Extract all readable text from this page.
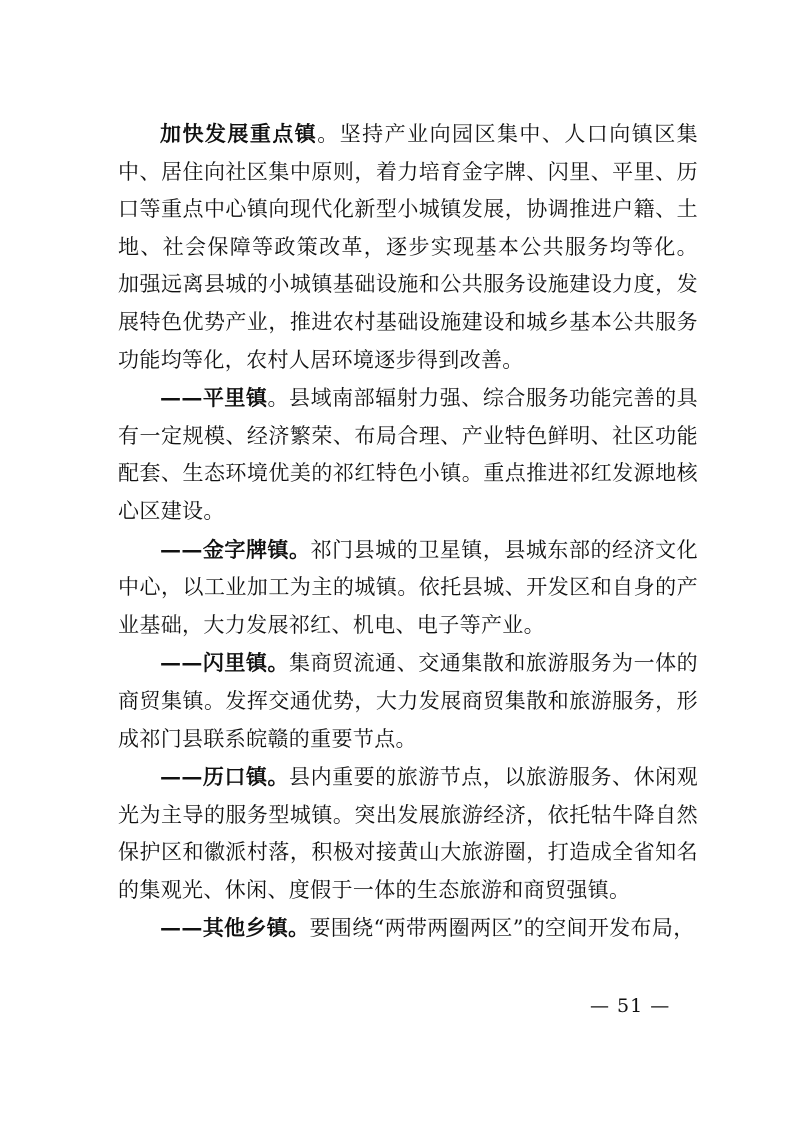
加快发展重点镇。坚持产业向园区集中、人口向镇区集中、居住向社区集中原则，着力培育金字牌、闪里、平里、历口等重点中心镇向现代化新型小城镇发展，协调推进户籍、土地、社会保障等政策改革，逐步实现基本公共服务均等化。 加强远离县城的小城镇基础设施和公共服务设施建设力度，发展特色优势产业，推进农村基础设施建设和城乡基本公共服务功能均等化，农村人居环境逐步得到改善。

——平里镇。县域南部辐射力强、综合服务功能完善的具有一定规模、经济繁荣、布局合理、产业特色鲜明、社区功能配套、生态环境优美的祁红特色小镇。重点推进祁红发源地核心区建设。

——金字牌镇。祁门县城的卫星镇，县城东部的经济文化中心，以工业加工为主的城镇。依托县城、开发区和自身的产业基础，大力发展祁红、机电、电子等产业。

——闪里镇。集商贸流通、交通集散和旅游服务为一体的商贸集镇。发挥交通优势，大力发展商贸集散和旅游服务，形成祁门县联系皖赣的重要节点。

——历口镇。县内重要的旅游节点，以旅游服务、休闲观光为主导的服务型城镇。突出发展旅游经济，依托牯牛降自然保护区和徽派村落，积极对接黄山大旅游圈，打造成全省知名的集观光、休闲、度假于一体的生态旅游和商贸强镇。

——其他乡镇。要围绕“两带两圈两区”的空间开发布局，

— 51 —
